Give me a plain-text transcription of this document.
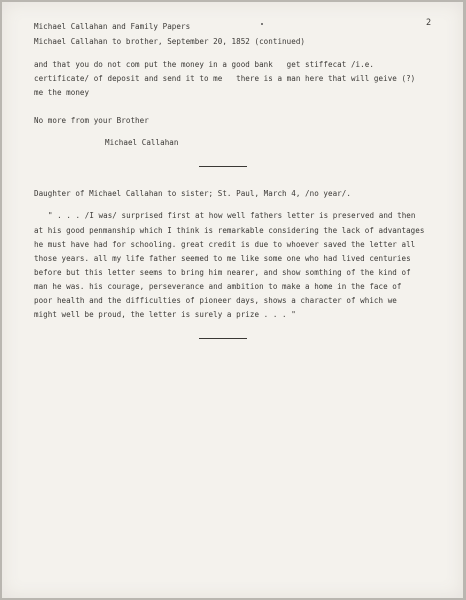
2
Michael Callahan and Family Papers
Michael Callahan to brother, September 20, 1852 (continued)
and that you do not com put the money in a good bank   get stiffecat /i.e.
certificate/ of deposit and send it to me   there is a man here that will geive (?)
me the money
No more from your Brother
Michael Callahan
Daughter of Michael Callahan to sister; St. Paul, March 4, /no year/.
" . . . /I was/ surprised first at how well fathers letter is preserved and then
at his good penmanship which I think is remarkable considering the lack of advantages
he must have had for schooling. great credit is due to whoever saved the letter all
those years. all my life father seemed to me like some one who had lived centuries
before but this letter seems to bring him nearer, and show somthing of the kind of
man he was. his courage, perseverance and ambition to make a home in the face of
poor health and the difficulties of pioneer days, shows a character of which we
might well be proud, the letter is surely a prize . . . "
